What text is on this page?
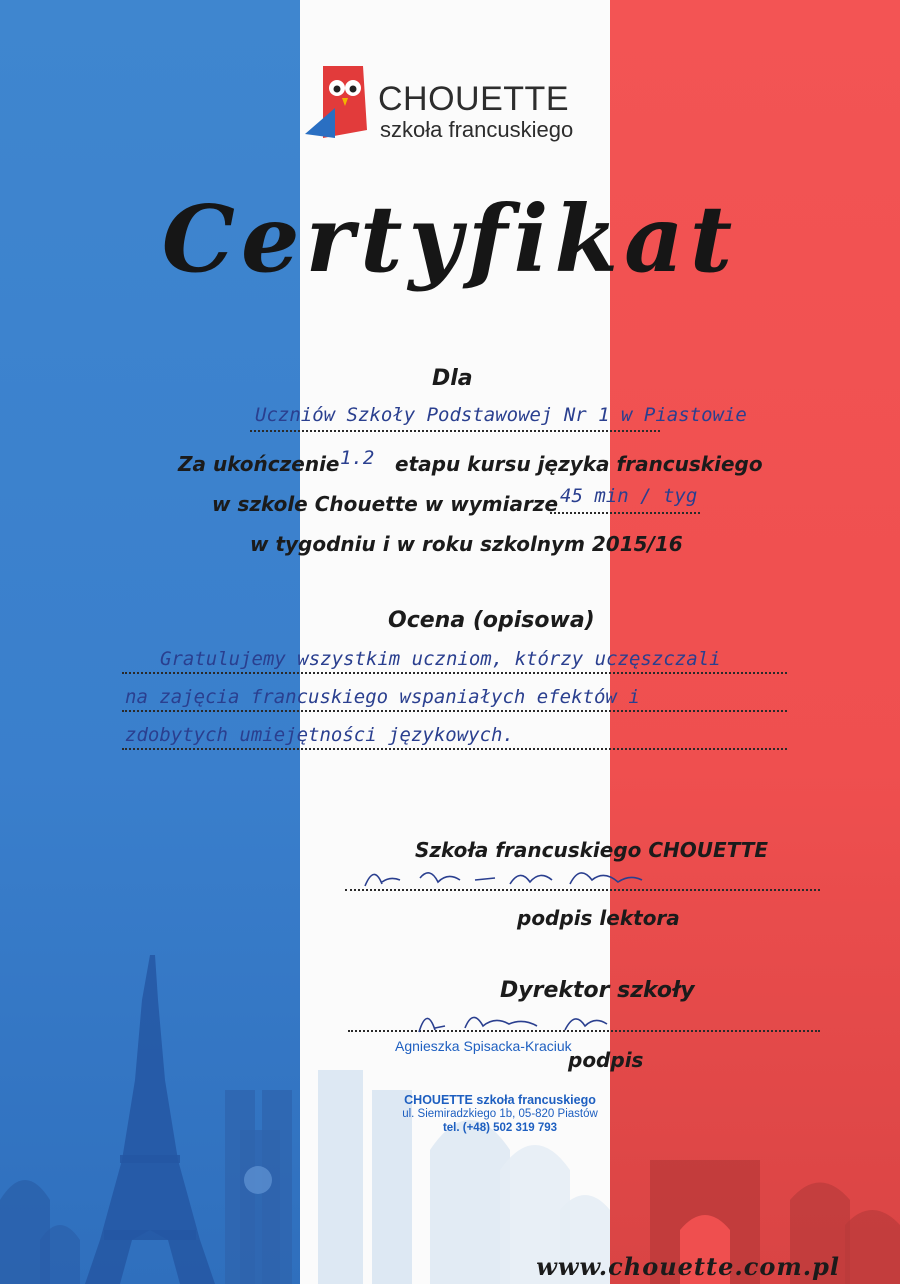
CHOUETTE
szkoła francuskiego
Certyfikat
Dla
Uczniów Szkoły Podstawowej Nr 1 w Piastowie
Za ukończenie 1.2 etapu kursu języka francuskiego
w szkole Chouette w wymiarze 45 min / tyg
w tygodniu i w roku szkolnym 2015/16
Ocena (opisowa)
Gratulujemy wszystkim uczniom, którzy uczęszczali
na zajęcia francuskiego wspaniałych efektów i
zdobytych umiejętności językowych.
Szkoła francuskiego CHOUETTE
podpis lektora
Dyrektor szkoły
Agnieszka Spisacka-Kraciuk
podpis
CHOUETTE szkoła francuskiego
ul. Siemiradzkiego 1b, 05-820 Piastów
tel. (+48) 502 319 793
www.chouette.com.pl
